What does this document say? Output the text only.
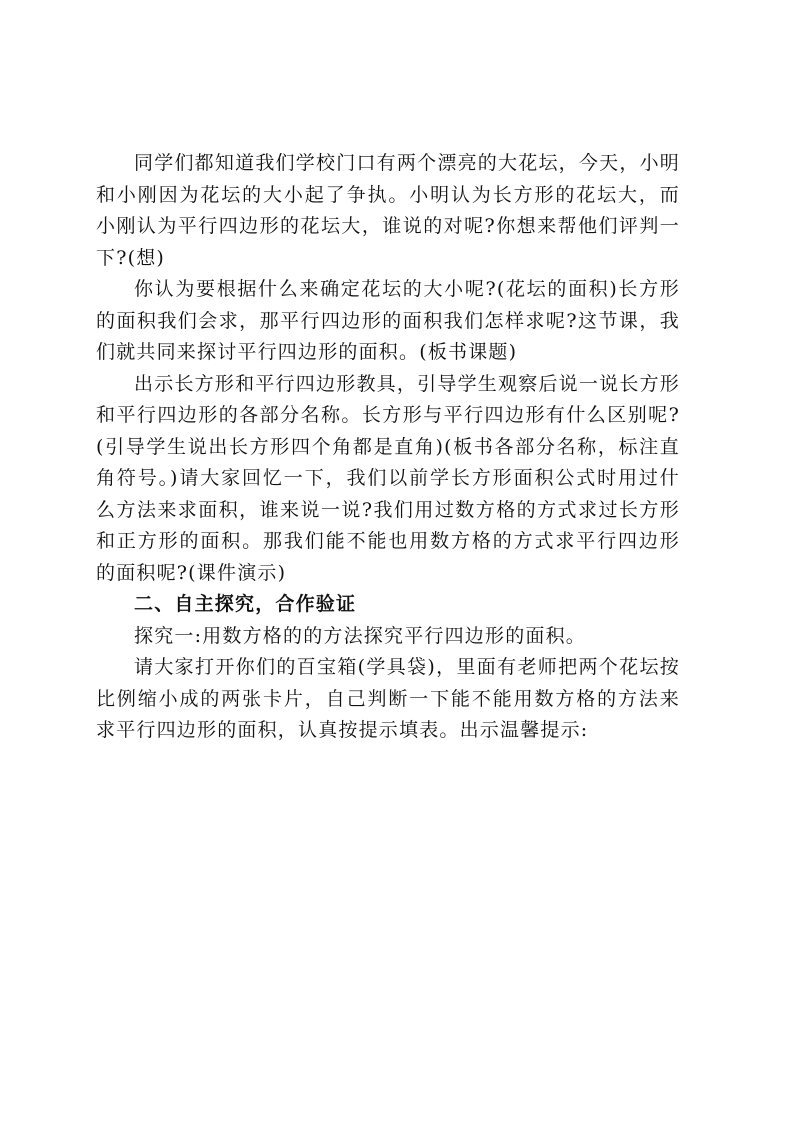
同学们都知道我们学校门口有两个漂亮的大花坛，今天，小明和小刚因为花坛的大小起了争执。小明认为长方形的花坛大，而小刚认为平行四边形的花坛大，谁说的对呢?你想来帮他们评判一下?(想)

你认为要根据什么来确定花坛的大小呢?(花坛的面积)长方形的面积我们会求，那平行四边形的面积我们怎样求呢?这节课，我们就共同来探讨平行四边形的面积。(板书课题)

出示长方形和平行四边形教具，引导学生观察后说一说长方形和平行四边形的各部分名称。长方形与平行四边形有什么区别呢?(引导学生说出长方形四个角都是直角)(板书各部分名称，标注直角符号。)请大家回忆一下，我们以前学长方形面积公式时用过什么方法来求面积，谁来说一说?我们用过数方格的方式求过长方形和正方形的面积。那我们能不能也用数方格的方式求平行四边形的面积呢?(课件演示)

二、自主探究，合作验证

探究一:用数方格的的方法探究平行四边形的面积。

请大家打开你们的百宝箱(学具袋)，里面有老师把两个花坛按比例缩小成的两张卡片，自己判断一下能不能用数方格的方法来求平行四边形的面积，认真按提示填表。出示温馨提示:
